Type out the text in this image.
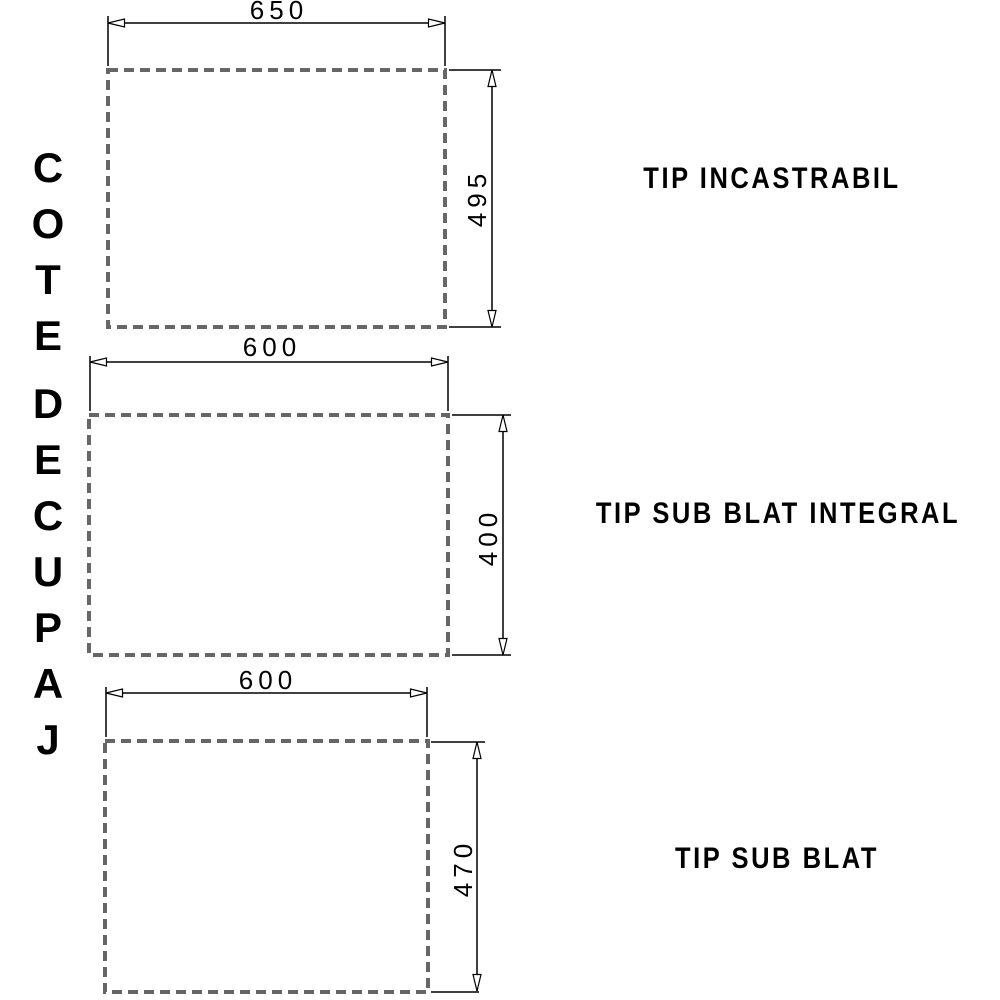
C
O
T
E
D
E
C
U
P
A
J
650
495
600
400
600
470
TIP INCASTRABIL
TIP SUB BLAT INTEGRAL
TIP SUB BLAT
